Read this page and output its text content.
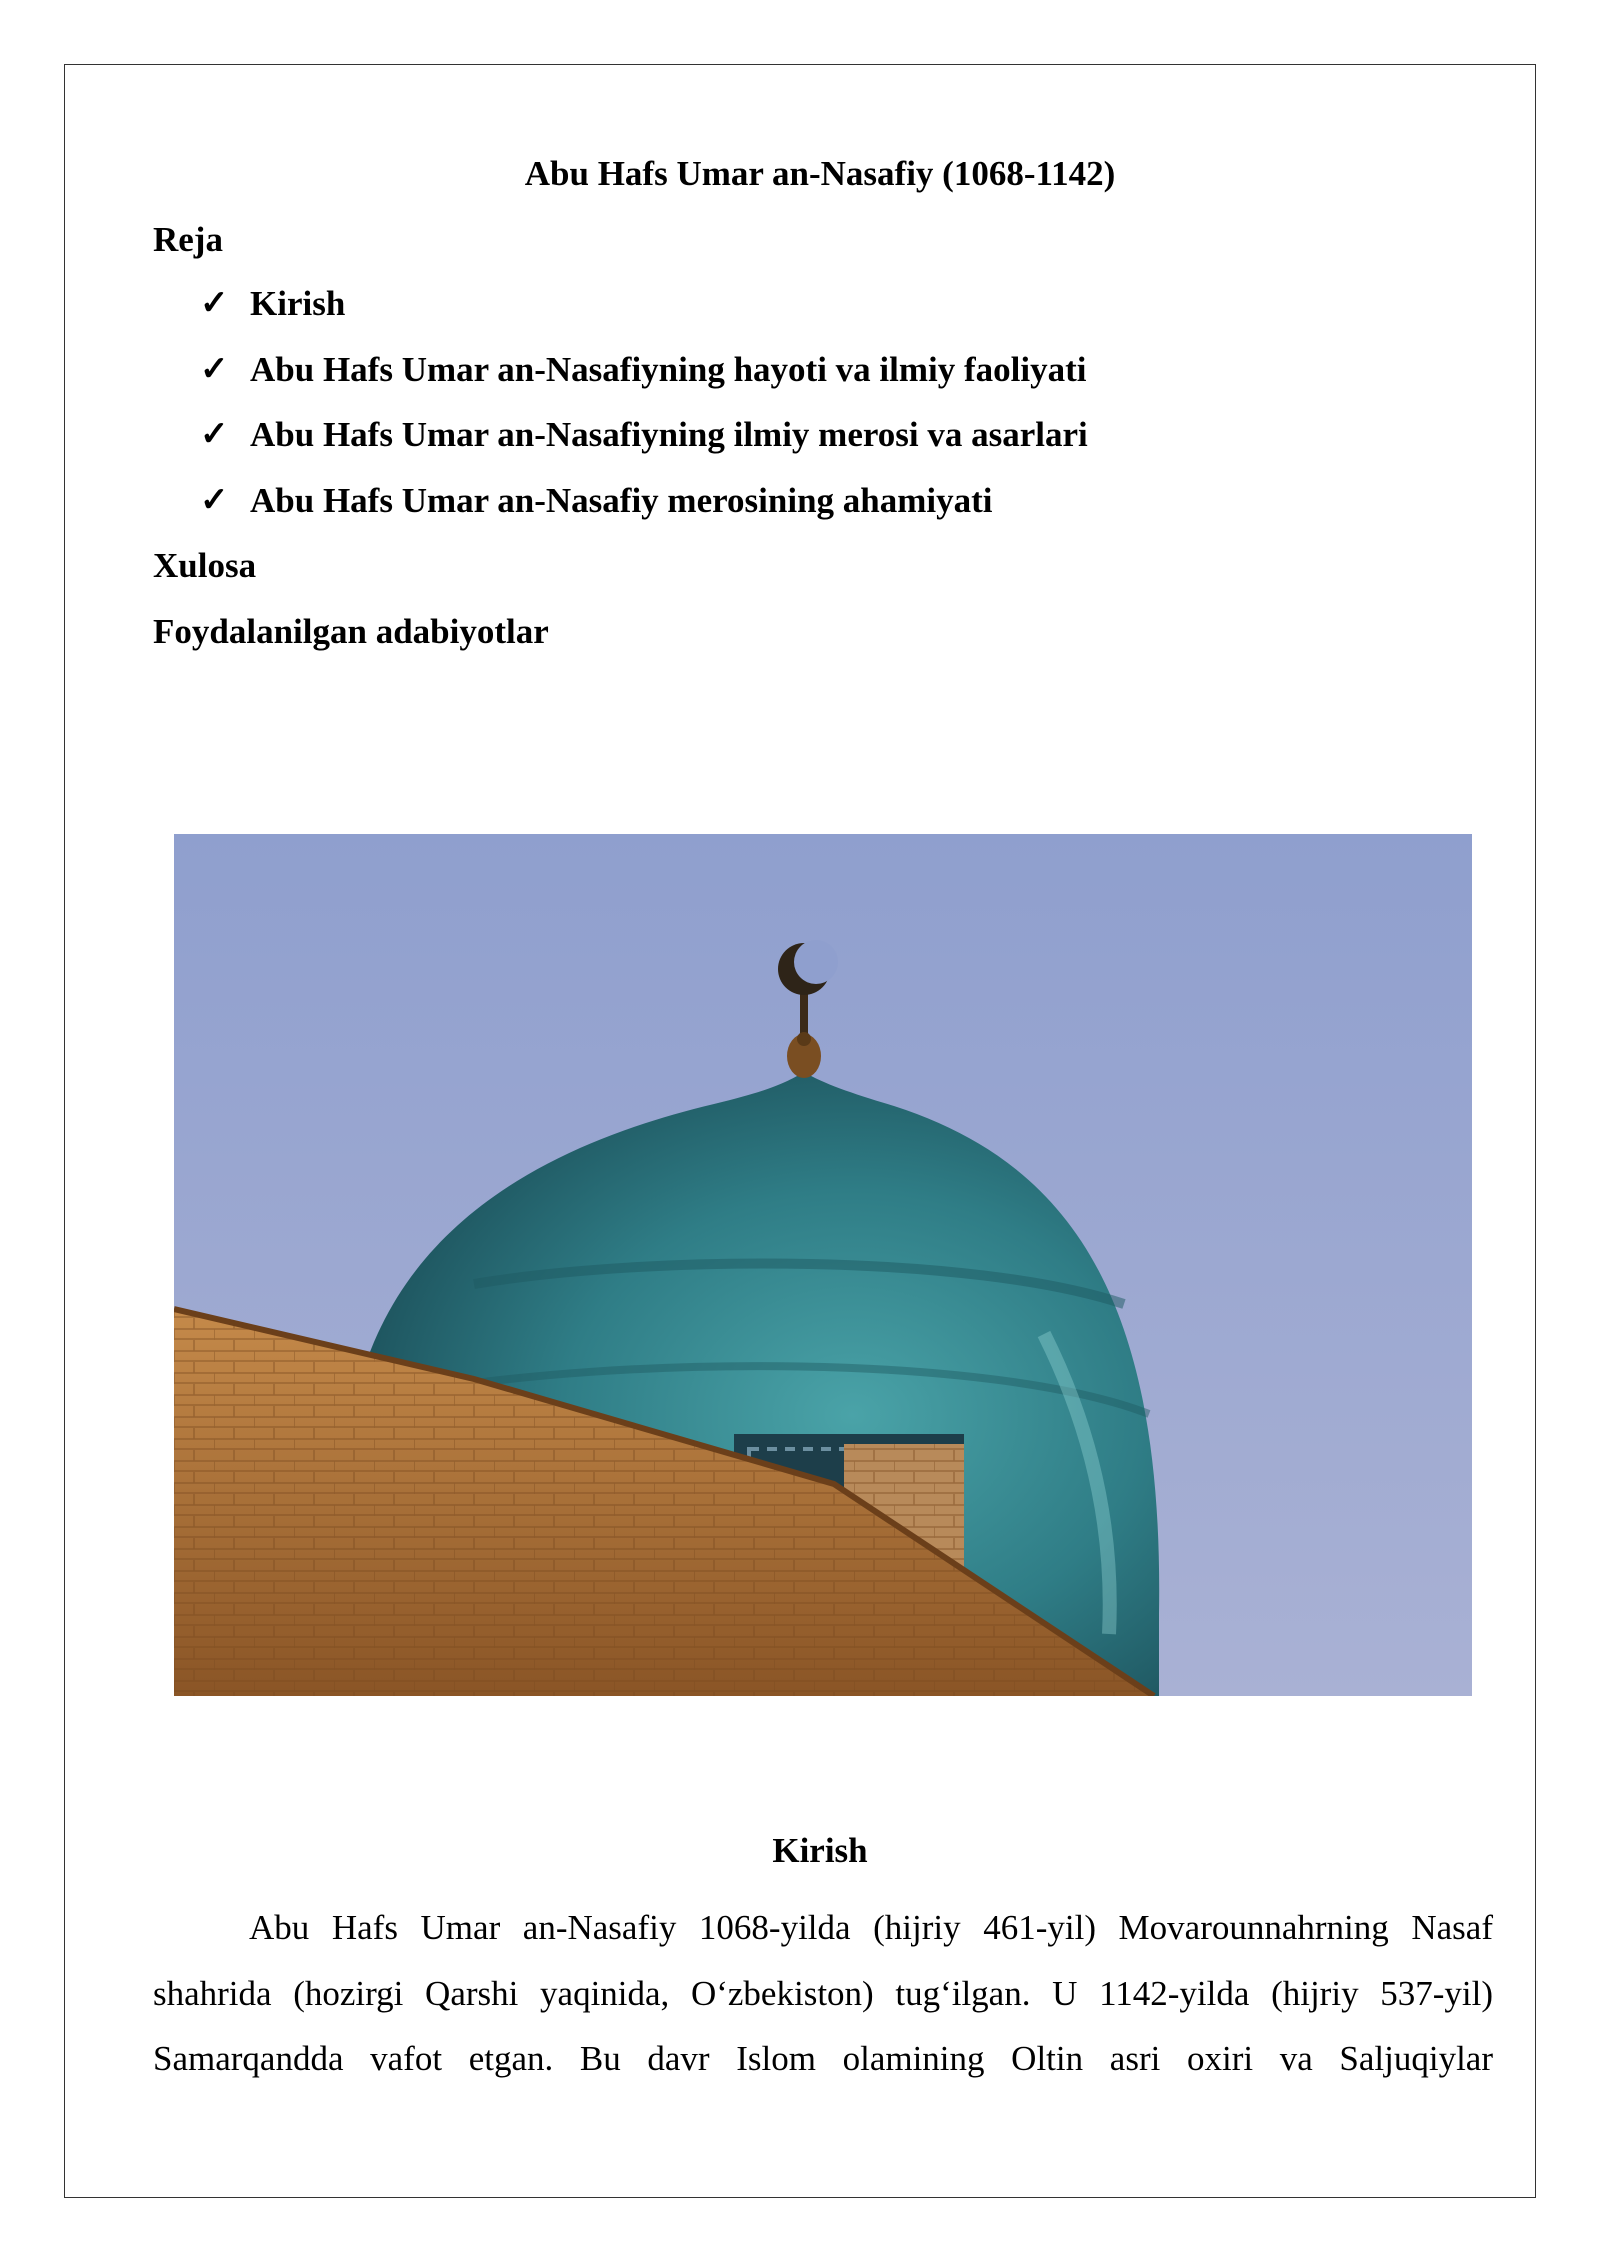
Abu Hafs Umar an-Nasafiy (1068-1142)
Reja
✓ Kirish
✓ Abu Hafs Umar an-Nasafiyning hayoti va ilmiy faoliyati
✓ Abu Hafs Umar an-Nasafiyning ilmiy merosi va asarlari
✓ Abu Hafs Umar an-Nasafiy merosining ahamiyati
Xulosa
Foydalanilgan adabiyotlar
Kirish

Abu Hafs Umar an-Nasafiy 1068-yilda (hijriy 461-yil) Movarounnahrning Nasaf shahrida (hozirgi Qarshi yaqinida, O‘zbekiston) tug‘ilgan. U 1142-yilda (hijriy 537-yil) Samarqandda vafot etgan. Bu davr Islom olamining Oltin asri oxiri va Saljuqiylar
